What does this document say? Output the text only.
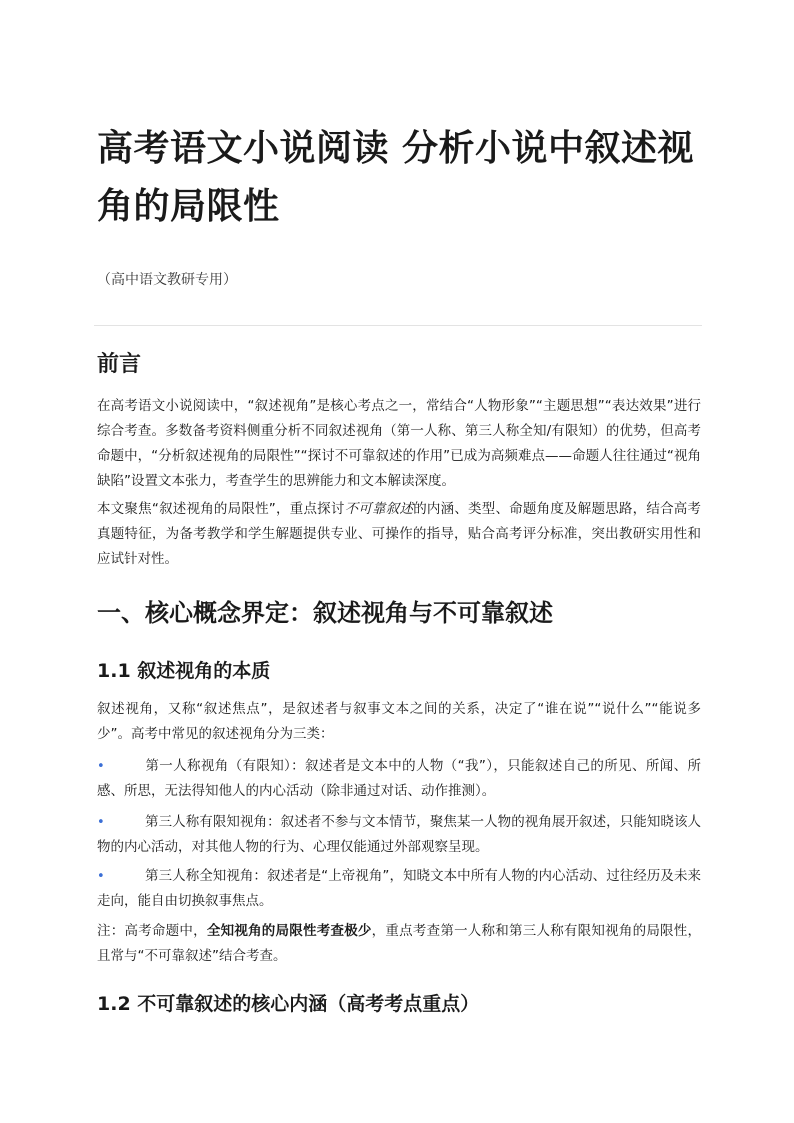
高考语文小说阅读 分析小说中叙述视角的局限性
（高中语文教研专用）
前言
在高考语文小说阅读中，“叙述视角”是核心考点之一，常结合“人物形象”“主题思想”“表达效果”进行综合考查。多数备考资料侧重分析不同叙述视角（第一人称、第三人称全知/有限知）的优势，但高考命题中，“分析叙述视角的局限性”“探讨不可靠叙述的作用”已成为高频难点——命题人往往通过“视角缺陷”设置文本张力，考查学生的思辨能力和文本解读深度。
本文聚焦“叙述视角的局限性”，重点探讨不可靠叙述的内涵、类型、命题角度及解题思路，结合高考真题特征，为备考教学和学生解题提供专业、可操作的指导，贴合高考评分标准，突出教研实用性和应试针对性。
一、核心概念界定：叙述视角与不可靠叙述
1.1 叙述视角的本质
叙述视角，又称“叙述焦点”，是叙述者与叙事文本之间的关系，决定了“谁在说”“说什么”“能说多少”。高考中常见的叙述视角分为三类：
•	第一人称视角（有限知）：叙述者是文本中的人物（“我”），只能叙述自己的所见、所闻、所感、所思，无法得知他人的内心活动（除非通过对话、动作推测）。
•	第三人称有限知视角：叙述者不参与文本情节，聚焦某一人物的视角展开叙述，只能知晓该人物的内心活动，对其他人物的行为、心理仅能通过外部观察呈现。
•	第三人称全知视角：叙述者是“上帝视角”，知晓文本中所有人物的内心活动、过往经历及未来走向，能自由切换叙事焦点。
注：高考命题中，全知视角的局限性考查极少，重点考查第一人称和第三人称有限知视角的局限性，且常与“不可靠叙述”结合考查。
1.2 不可靠叙述的核心内涵（高考考点重点）
